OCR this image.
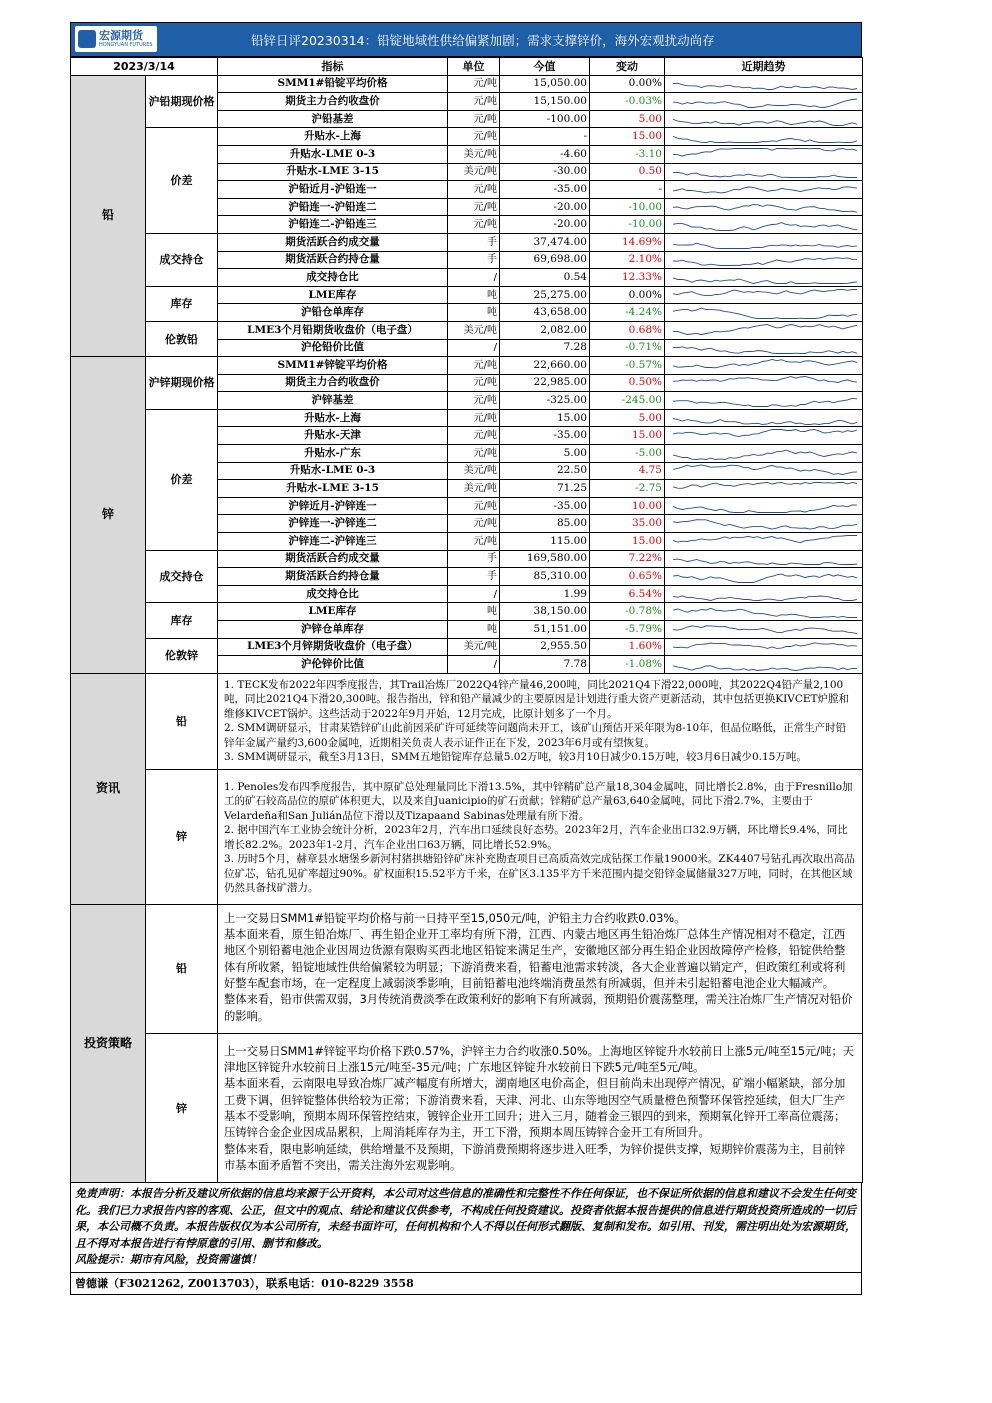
宏源期货
HONGYUAN FUTURES	铅锌日评20230314：铅锭地域性供给偏紧加剧；需求支撑锌价，海外宏观扰动尚存
2023/3/14		指标	单位	今值	变动	近期趋势
铅	沪铅期现价格	SMM1#铅锭平均价格	元/吨	15,050.00	0.00%	

		期货主力合约收盘价	元/吨	15,150.00	-0.03%	

		沪铅基差	元/吨	-100.00	5.00	

	价差	升贴水-上海	元/吨	-	15.00	

		升贴水-LME 0-3	美元/吨	-4.60	-3.10	

		升贴水-LME 3-15	美元/吨	-30.00	0.50	

		沪铅近月-沪铅连一	元/吨	-35.00	-	

		沪铅连一-沪铅连二	元/吨	-20.00	-10.00	

		沪铅连二-沪铅连三	元/吨	-20.00	-10.00	

	成交持仓	期货活跃合约成交量	手	37,474.00	14.69%	

		期货活跃合约持仓量	手	69,698.00	2.10%	

		成交持仓比	/	0.54	12.33%	

	库存	LME库存	吨	25,275.00	0.00%	

		沪铅仓单库存	吨	43,658.00	-4.24%	

	伦敦铅	LME3个月铅期货收盘价（电子盘）	美元/吨	2,082.00	0.68%	

		沪伦铅价比值	/	7.28	-0.71%	

锌	沪锌期现价格	SMM1#锌锭平均价格	元/吨	22,660.00	-0.57%	

		期货主力合约收盘价	元/吨	22,985.00	0.50%	

		沪锌基差	元/吨	-325.00	-245.00	

	价差	升贴水-上海	元/吨	15.00	5.00	

		升贴水-天津	元/吨	-35.00	15.00	

		升贴水-广东	元/吨	5.00	-5.00	

		升贴水-LME 0-3	美元/吨	22.50	4.75	

		升贴水-LME 3-15	美元/吨	71.25	-2.75	

		沪锌近月-沪锌连一	元/吨	-35.00	10.00	

		沪锌连一-沪锌连二	元/吨	85.00	35.00	

		沪锌连二-沪锌连三	元/吨	115.00	15.00	

	成交持仓	期货活跃合约成交量	手	169,580.00	7.22%	

		期货活跃合约持仓量	手	85,310.00	0.65%	

		成交持仓比	/	1.99	6.54%	

	库存	LME库存	吨	38,150.00	-0.78%	

		沪锌仓单库存	吨	51,151.00	-5.79%	

	伦敦锌	LME3个月锌期货收盘价（电子盘）	美元/吨	2,955.50	1.60%	

		沪伦锌价比值	/	7.78	-1.08%	

资讯	铅	1. TECK发布2022年四季度报告，其Trail冶炼厂2022Q4锌产量46,200吨，同比2021Q4下滑22,000吨，其2022Q4铅产量2,100吨，同比2021Q4下滑20,300吨。报告指出，锌和铅产量减少的主要原因是计划进行重大资产更新活动，其中包括更换KIVCET炉膛和维修KIVCET锅炉。这些活动于2022年9月开始，12月完成，比原计划多了一个月。

2. SMM调研显示，甘肃某锆锌矿山此前因采矿许可延续等问题尚未开工，该矿山预估开采年限为8-10年，但品位略低，正常生产时铅锌年金属产量约3,600金属吨，近期相关负责人表示证件正在下发，2023年6月或有望恢复。

3. SMM调研显示，截至3月13日，SMM五地铅锭库存总量5.02万吨，较3月10日减少0.15万吨，较3月6日减少0.15万吨。				

	锌	1. Penoles发布四季度报告，其中原矿总处理量同比下滑13.5%，其中锌精矿总产量18,304金属吨，同比增长2.8%，由于Fresnillo加工的矿石较高品位的原矿体积更大，以及来自Juanicipio的矿石贡献；锌精矿总产量63,640金属吨，同比下滑2.7%，主要由于Velardeña和San Julián品位下滑以及Tizapaand Sabinas处理量有所下滑。

2. 据中国汽车工业协会统计分析，2023年2月，汽车出口延续良好态势。2023年2月，汽车企业出口32.9万辆，环比增长9.4%，同比增长82.2%。2023年1-2月，汽车企业出口63万辆，同比增长52.9%。

3. 历时5个月，赫章县水塘堡乡新河村猪拱塘铅锌矿床补充勘查项目已高质高效完成钻探工作量19000米。ZK4407号钻孔再次取出高品位矿芯，钻孔见矿率超过90%。矿权面积15.52平方千米，在矿区3.135平方千米范围内提交铅锌金属储量327万吨，同时，在其他区域仍然具备找矿潜力。				

投资策略	铅	上一交易日SMM1#铅锭平均价格与前一日持平至15,050元/吨，沪铅主力合约收跌0.03%。

基本面来看，原生铅冶炼厂、再生铅企业开工率均有所下滑，江西、内蒙古地区再生铅冶炼厂总体生产情况相对不稳定，江西地区个别铅蓄电池企业因周边货源有限购买西北地区铅锭来满足生产，安徽地区部分再生铅企业因故障停产检修，铅锭供给整体有所收紧，铅锭地域性供给偏紧较为明显；下游消费来看，铅蓄电池需求转淡，各大企业普遍以销定产，但政策红利或将利好整车配套市场，在一定程度上减弱淡季影响，目前铅蓄电池终端消费虽然有所减弱，但并未引起铅蓄电池企业大幅减产。

整体来看，铅市供需双弱，3月传统消费淡季在政策利好的影响下有所减弱，预期铅价震荡整理，需关注冶炼厂生产情况对铅价的影响。				

	锌	上一交易日SMM1#锌锭平均价格下跌0.57%，沪锌主力合约收涨0.50%。上海地区锌锭升水较前日上涨5元/吨至15元/吨；天津地区锌锭升水较前日上涨15元/吨至-35元/吨；广东地区锌锭升水较前日下跌5元/吨至5元/吨。

基本面来看，云南限电导致冶炼厂减产幅度有所增大，湖南地区电价高企，但目前尚未出现停产情况，矿端小幅紧缺，部分加工费下调，但锌锭整体供给较为正常；下游消费来看，天津、河北、山东等地因空气质量橙色预警环保管控延续，但大厂生产基本不受影响，预期本周环保管控结束，镀锌企业开工回升；进入三月，随着金三银四的到来，预期氧化锌开工率高位震荡；压铸锌合金企业因成品累积，上周消耗库存为主，开工下滑，预期本周压铸锌合金开工有所回升。

整体来看，限电影响延续，供给增量不及预期，下游消费预期将逐步进入旺季，为锌价提供支撑，短期锌价震荡为主，目前锌市基本面矛盾暂不突出，需关注海外宏观影响。				

免责声明：本报告分析及建议所依据的信息均来源于公开资料，本公司对这些信息的准确性和完整性不作任何保证，也不保证所依据的信息和建议不会发生任何变化。我们已力求报告内容的客观、公正，但文中的观点、结论和建议仅供参考，不构成任何投资建议。投资者依据本报告提供的信息进行期货投资所造成的一切后果，本公司概不负责。本报告版权仅为本公司所有，未经书面许可，任何机构和个人不得以任何形式翻版、复制和发布。如引用、刊发，需注明出处为宏源期货，且不得对本报告进行有悖原意的引用、删节和修改。
风险提示：期市有风险，投资需谨慎！
曾德谦（F3021262, Z0013703），联系电话：010-8229 3558
